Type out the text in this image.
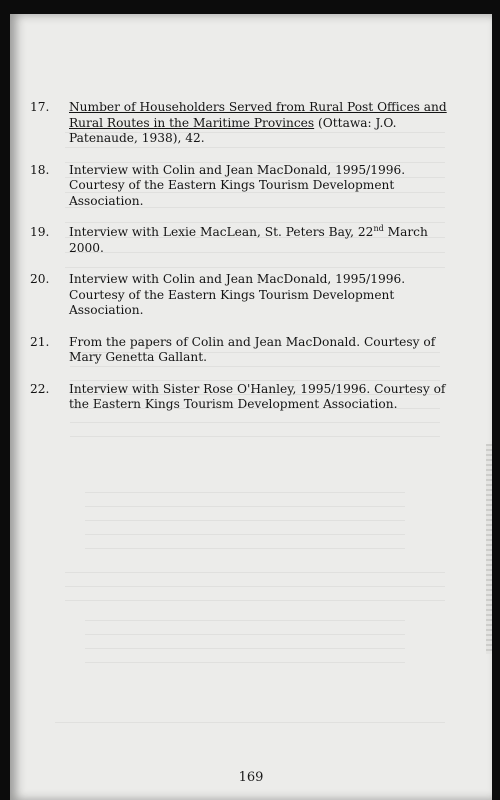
17.	Number of Householders Served from Rural Post Offices and Rural Routes in the Maritime Provinces (Ottawa: J.O. Patenaude, 1938), 42.
18.	Interview with Colin and Jean MacDonald, 1995/1996. Courtesy of the Eastern Kings Tourism Development Association.
19.	Interview with Lexie MacLean, St. Peters Bay, 22nd March 2000.
20.	Interview with Colin and Jean MacDonald, 1995/1996. Courtesy of the Eastern Kings Tourism Development Association.
21.	From the papers of Colin and Jean MacDonald. Courtesy of Mary Genetta Gallant.
22.	Interview with Sister Rose O'Hanley, 1995/1996. Courtesy of the Eastern Kings Tourism Development Association.
169
